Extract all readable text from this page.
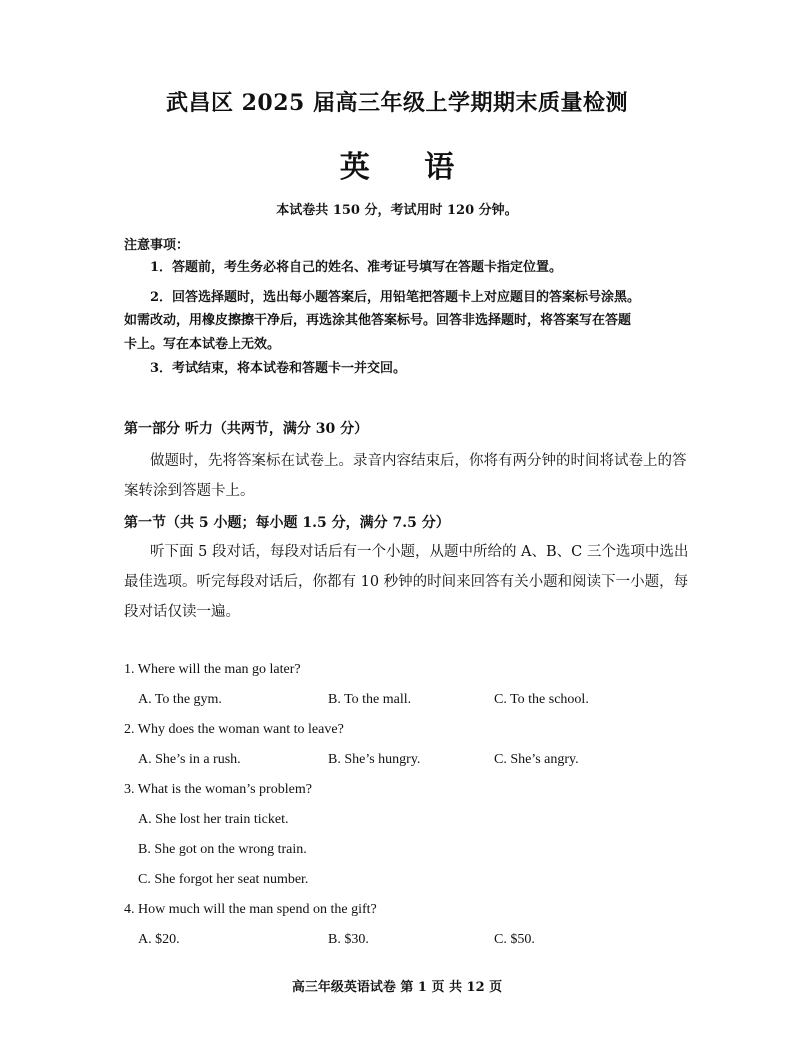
武昌区 2025 届高三年级上学期期末质量检测
英 语
本试卷共 150 分，考试用时 120 分钟。
注意事项：
1．答题前，考生务必将自己的姓名、准考证号填写在答题卡指定位置。
2．回答选择题时，选出每小题答案后，用铅笔把答题卡上对应题目的答案标号涂黑。
如需改动，用橡皮擦擦干净后，再选涂其他答案标号。回答非选择题时，将答案写在答题
卡上。写在本试卷上无效。
3．考试结束，将本试卷和答题卡一并交回。
第一部分 听力（共两节，满分 30 分）
做题时，先将答案标在试卷上。录音内容结束后，你将有两分钟的时间将试卷上的答
案转涂到答题卡上。
第一节（共 5 小题；每小题 1.5 分，满分 7.5 分）
听下面 5 段对话，每段对话后有一个小题，从题中所给的 A、B、C 三个选项中选出
最佳选项。听完每段对话后，你都有 10 秒钟的时间来回答有关小题和阅读下一小题，每
段对话仅读一遍。
1. Where will the man go later?
A. To the gym.	B. To the mall.	C. To the school.
2. Why does the woman want to leave?
A. She’s in a rush.	B. She’s hungry.	C. She’s angry.
3. What is the woman’s problem?
A. She lost her train ticket.
B. She got on the wrong train.
C. She forgot her seat number.
4. How much will the man spend on the gift?
A. $20.	B. $30.	C. $50.
高三年级英语试卷 第 1 页 共 12 页
